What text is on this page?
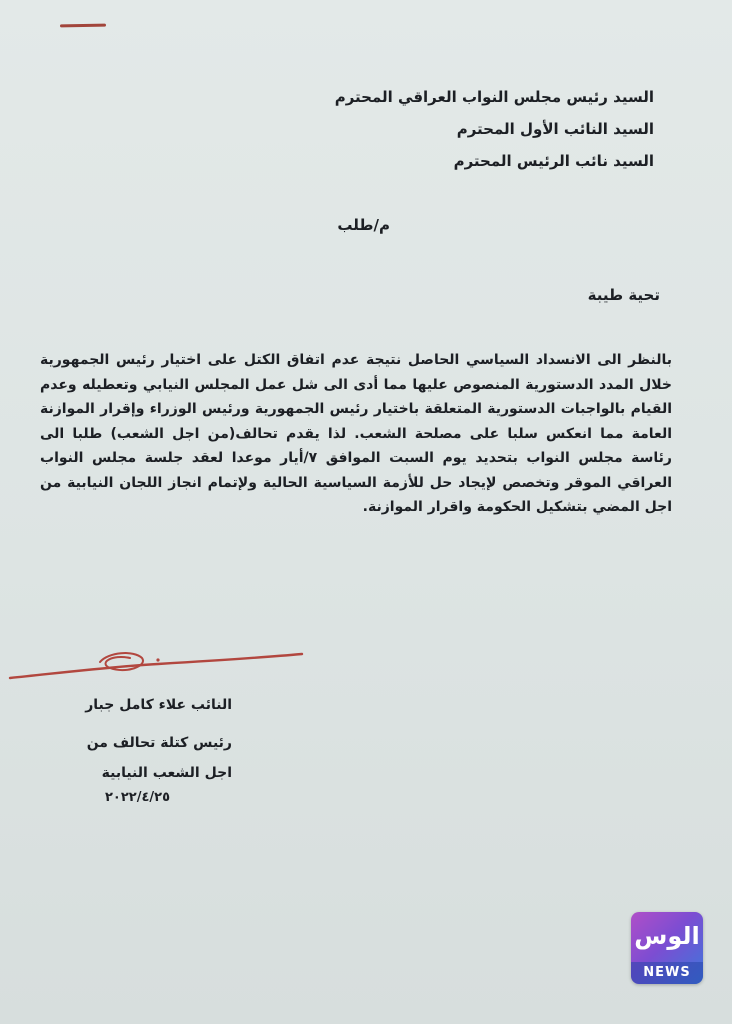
السيد رئيس مجلس النواب العراقي المحترم
السيد النائب الأول المحترم
السيد نائب الرئيس المحترم
م/طلب
تحية طيبة
بالنظر الى الانسداد السياسي الحاصل نتيجة عدم اتفاق الكتل على اختيار رئيس الجمهورية خلال المدد الدستورية المنصوص عليها مما أدى الى شل عمل المجلس النيابي وتعطيله وعدم القيام بالواجبات الدستورية المتعلقة باختيار رئيس الجمهورية ورئيس الوزراء وإقرار الموازنة العامة مما انعكس سلبا على مصلحة الشعب. لذا يقدم تحالف(من اجل الشعب) طلبا الى رئاسة مجلس النواب بتحديد يوم السبت الموافق ٧/أيار موعدا لعقد جلسة مجلس النواب العراقي الموقر وتخصص لإيجاد حل للأزمة السياسية الحالية ولإتمام انجاز اللجان النيابية من اجل المضي بتشكيل الحكومة واقرار الموازنة.
النائب علاء كامل جبار
رئيس كتلة تحالف من
اجل الشعب النيابية
٢٠٢٢/٤/٢٥
الوس
NEWS
